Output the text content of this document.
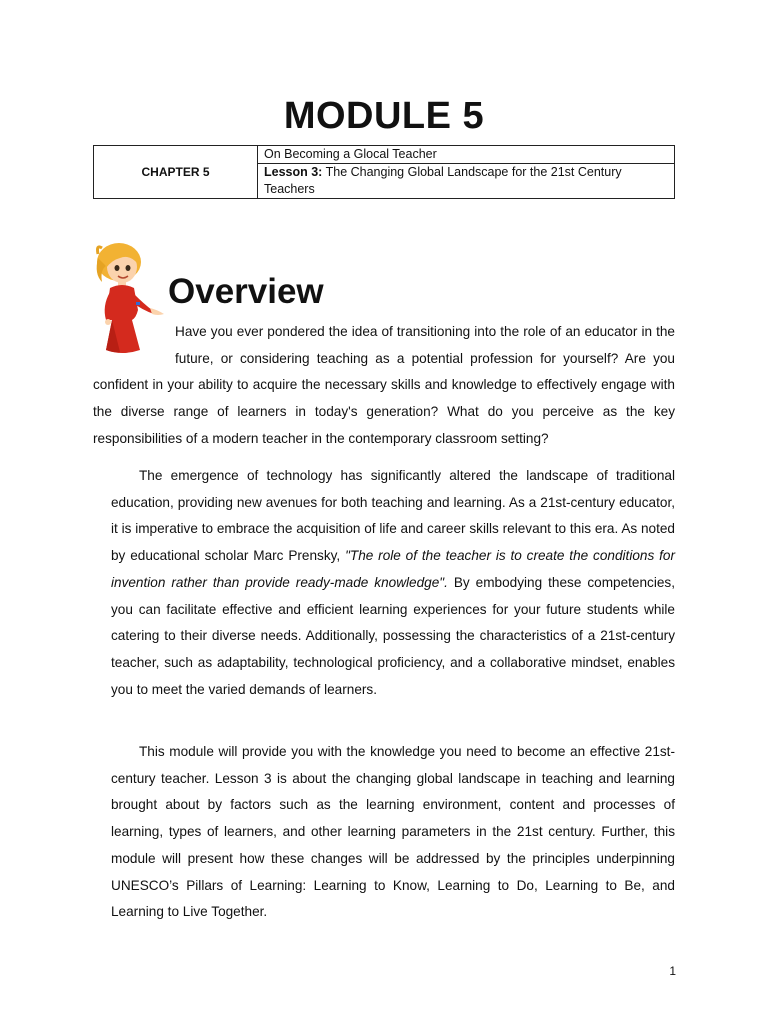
MODULE 5
CHAPTER 5	On Becoming a Glocal Teacher
Lesson 3: The Changing Global Landscape for the 21st Century Teachers
Overview
Have you ever pondered the idea of transitioning into the role of an educator in the future, or considering teaching as a potential profession for yourself? Are you confident in your ability to acquire the necessary skills and knowledge to effectively engage with the diverse range of learners in today's generation? What do you perceive as the key responsibilities of a modern teacher in the contemporary classroom setting?
The emergence of technology has significantly altered the landscape of traditional education, providing new avenues for both teaching and learning. As a 21st-century educator, it is imperative to embrace the acquisition of life and career skills relevant to this era. As noted by educational scholar Marc Prensky, "The role of the teacher is to create the conditions for invention rather than provide ready-made knowledge". By embodying these competencies, you can facilitate effective and efficient learning experiences for your future students while catering to their diverse needs. Additionally, possessing the characteristics of a 21st-century teacher, such as adaptability, technological proficiency, and a collaborative mindset, enables you to meet the varied demands of learners.
This module will provide you with the knowledge you need to become an effective 21st-century teacher. Lesson 3 is about the changing global landscape in teaching and learning brought about by factors such as the learning environment, content and processes of learning, types of learners, and other learning parameters in the 21st century. Further, this module will present how these changes will be addressed by the principles underpinning UNESCO’s Pillars of Learning: Learning to Know, Learning to Do, Learning to Be, and Learning to Live Together.
1
